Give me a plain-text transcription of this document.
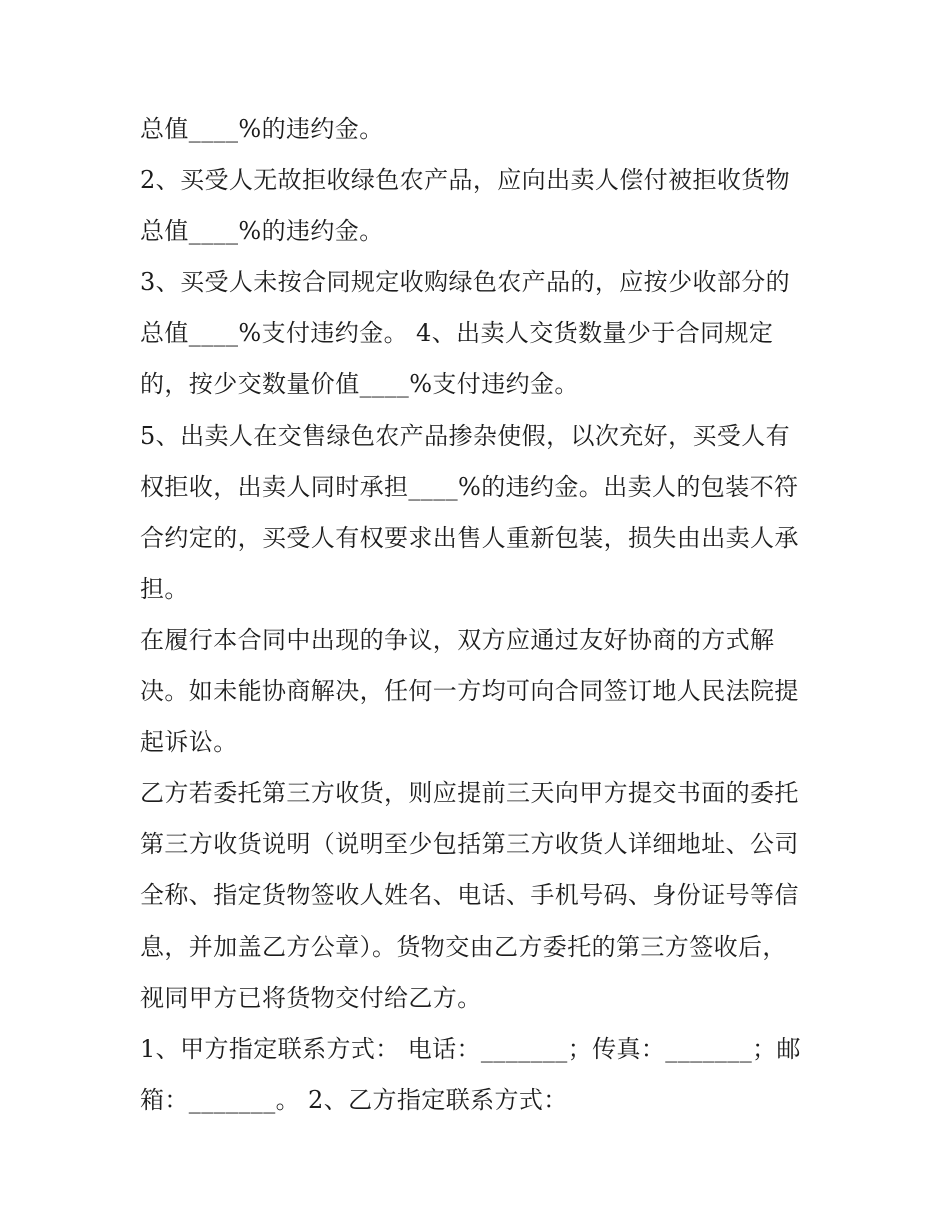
总值____%的违约金。
2、买受人无故拒收绿色农产品，应向出卖人偿付被拒收货物
总值____%的违约金。
3、买受人未按合同规定收购绿色农产品的，应按少收部分的
总值____%支付违约金。 4、出卖人交货数量少于合同规定
的，按少交数量价值____%支付违约金。
5、出卖人在交售绿色农产品掺杂使假，以次充好，买受人有
权拒收，出卖人同时承担____%的违约金。出卖人的包装不符
合约定的，买受人有权要求出售人重新包装，损失由出卖人承
担。
在履行本合同中出现的争议，双方应通过友好协商的方式解
决。如未能协商解决，任何一方均可向合同签订地人民法院提
起诉讼。
乙方若委托第三方收货，则应提前三天向甲方提交书面的委托
第三方收货说明（说明至少包括第三方收货人详细地址、公司
全称、指定货物签收人姓名、电话、手机号码、身份证号等信
息，并加盖乙方公章）。货物交由乙方委托的第三方签收后，
视同甲方已将货物交付给乙方。
1、甲方指定联系方式： 电话：_______；传真：_______；邮
箱：_______。 2、乙方指定联系方式：
